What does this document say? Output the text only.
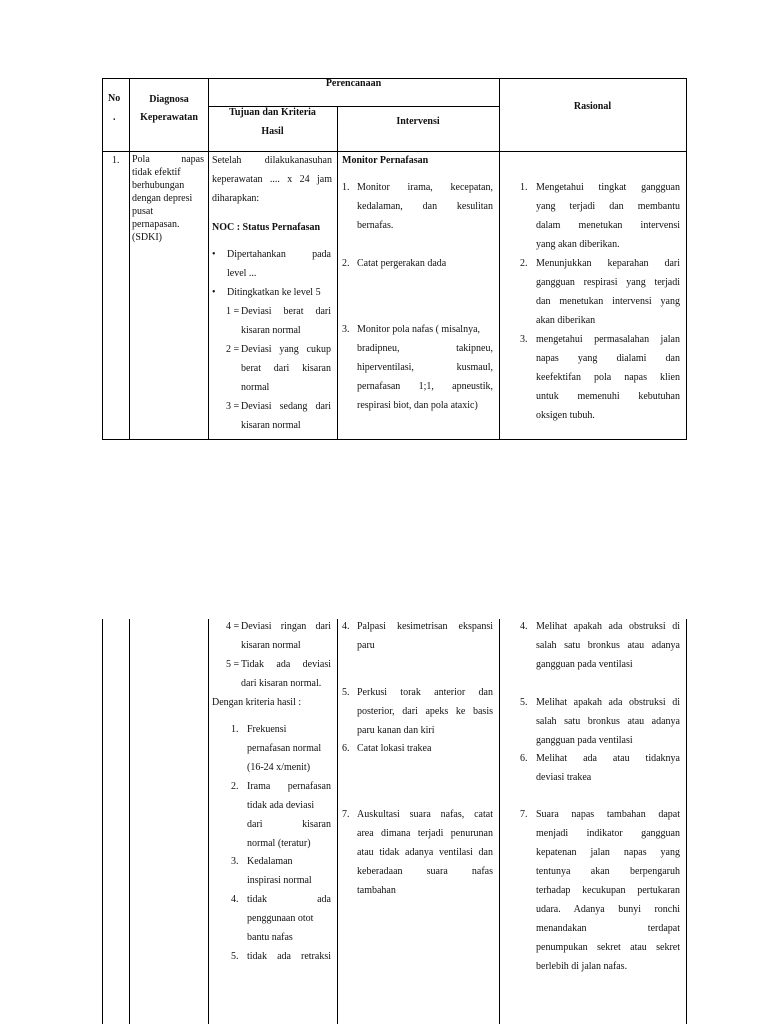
No
.
Diagnosa
Keperawatan
Perencanaan
Tujuan dan Kriteria
Hasil
Intervensi
Rasional
1. Pola napas
tidak efektif
berhubungan
dengan depresi
pusat
pernapasan.
(SDKI)
Setelah dilakukanasuhan
keperawatan .... x 24 jam
diharapkan:
NOC : Status Pernafasan
• Dipertahankan pada
level ...
• Ditingkatkan ke level 5
1 = Deviasi berat dari
kisaran normal
2 = Deviasi yang cukup
berat dari kisaran
normal
3 = Deviasi sedang dari
kisaran normal
Monitor Pernafasan
1. Monitor irama, kecepatan,
kedalaman, dan kesulitan
bernafas.
2. Catat pergerakan dada
3. Monitor pola nafas ( misalnya,
bradipneu, takipneu,
hiperventilasi, kusmaul,
pernafasan 1;1, apneustik,
respirasi biot, dan pola ataxic)
1. Mengetahui tingkat gangguan
yang terjadi dan membantu
dalam menetukan intervensi
yang akan diberikan.
2. Menunjukkan keparahan dari
gangguan respirasi yang terjadi
dan menetukan intervensi yang
akan diberikan
3. mengetahui permasalahan jalan
napas yang dialami dan
keefektifan pola napas klien
untuk memenuhi kebutuhan
oksigen tubuh.
4 = Deviasi ringan dari
kisaran normal
5 = Tidak ada deviasi
dari kisaran normal.
Dengan kriteria hasil :
1. Frekuensi
pernafasan normal
(16-24 x/menit)
2. Irama pernafasan
tidak ada deviasi
dari kisaran
normal (teratur)
3. Kedalaman
inspirasi normal
4. tidak ada
penggunaan otot
bantu nafas
5. tidak ada retraksi
4. Palpasi kesimetrisan ekspansi
paru
5. Perkusi torak anterior dan
posterior, dari apeks ke basis
paru kanan dan kiri
6. Catat lokasi trakea
7. Auskultasi suara nafas, catat
area dimana terjadi penurunan
atau tidak adanya ventilasi dan
keberadaan suara nafas
tambahan
4. Melihat apakah ada obstruksi di
salah satu bronkus atau adanya
gangguan pada ventilasi
5. Melihat apakah ada obstruksi di
salah satu bronkus atau adanya
gangguan pada ventilasi
6. Melihat ada atau tidaknya
deviasi trakea
7. Suara napas tambahan dapat
menjadi indikator gangguan
kepatenan jalan napas yang
tentunya akan berpengaruh
terhadap kecukupan pertukaran
udara. Adanya bunyi ronchi
menandakan terdapat
penumpukan sekret atau sekret
berlebih di jalan nafas.
